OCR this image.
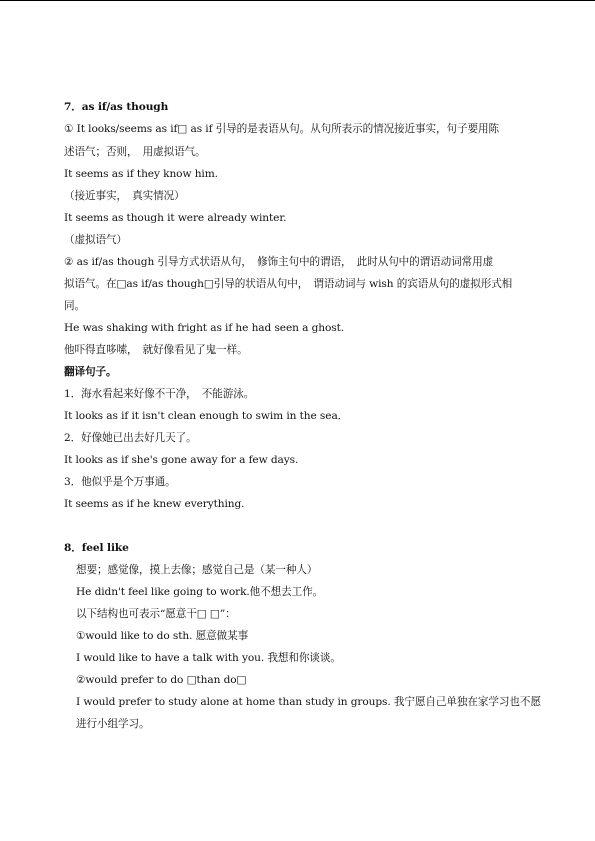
7．as if/as though
① It looks/seems as if□ as if 引导的是表语从句。从句所表示的情况接近事实，句子要用陈
述语气；否则，　用虚拟语气。
It seems as if they know him.
（接近事实，　真实情况）
It seems as though it were already winter.
（虚拟语气）
② as if/as though 引导方式状语从句，　修饰主句中的谓语，　此时从句中的谓语动词常用虚
拟语气。在□as if/as though□引导的状语从句中，　谓语动词与 wish 的宾语从句的虚拟形式相
同。
He was shaking with fright as if he had seen a ghost.
他吓得直哆嗦，　就好像看见了鬼一样。
翻译句子。
1．海水看起来好像不干净，　不能游泳。
It looks as if it isn't clean enough to swim in the sea．
2．好像她已出去好几天了。
It looks as if she's gone away for a few days.
3．他似乎是个万事通。
It seems as if he knew everything.
8．feel like
想要；感觉像，摸上去像；感觉自己是（某一种人）
He didn't feel like going to work.他不想去工作。
以下结构也可表示“愿意干□ □”：
①would like to do sth. 愿意做某事
I would like to have a talk with you. 我想和你谈谈。
②would prefer to do □than do□
I would prefer to study alone at home than study in groups. 我宁愿自己单独在家学习也不愿
进行小组学习。
